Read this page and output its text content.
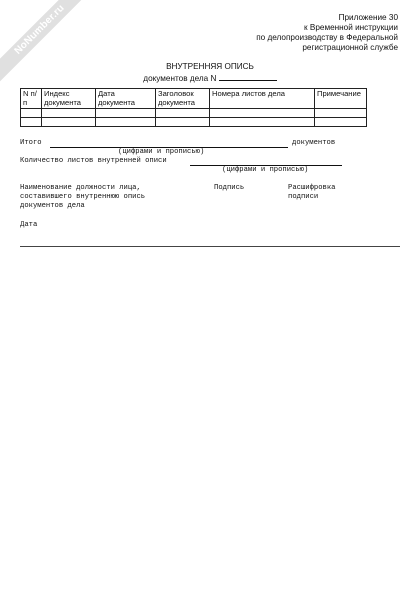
NoNumber.ru	Приложение 30
к Временной инструкции
по делопроизводству в Федеральной
регистрационной службе
ВНУТРЕННЯЯ ОПИСЬ
документов дела N
N п/п	Индекс документа	Дата документа	Заголовок документа	Номера листов дела	Примечание

Итого	документов
(цифрами и прописью)
Количество листов внутренней описи
(цифрами и прописью)
Наименование должности лица,
составившего внутреннюю опись
документов дела
Подпись	Расшифровка
подписи
Дата
